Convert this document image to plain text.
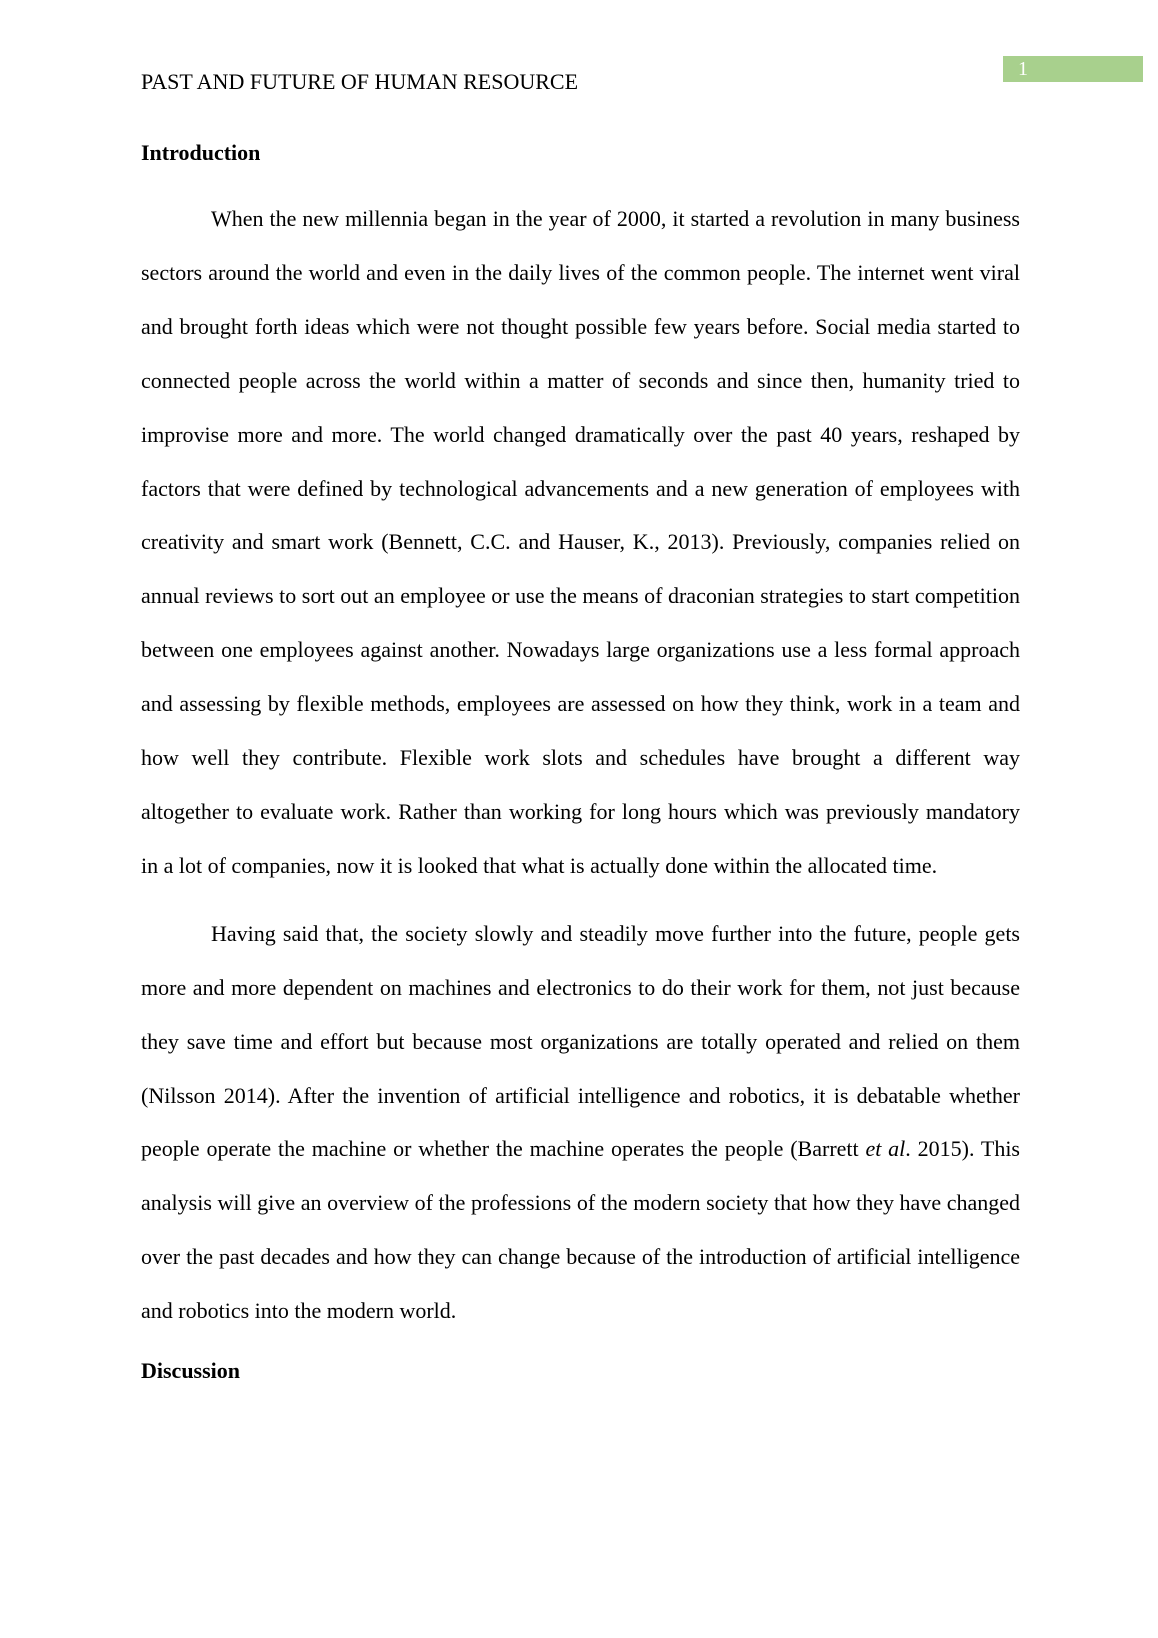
1
PAST AND FUTURE OF HUMAN RESOURCE
Introduction

When the new millennia began in the year of 2000, it started a revolution in many business sectors around the world and even in the daily lives of the common people. The internet went viral and brought forth ideas which were not thought possible few years before. Social media started to connected people across the world within a matter of seconds and since then, humanity tried to improvise more and more. The world changed dramatically over the past 40 years, reshaped by factors that were defined by technological advancements and a new generation of employees with creativity and smart work (Bennett, C.C. and Hauser, K., 2013). Previously, companies relied on annual reviews to sort out an employee or use the means of draconian strategies to start competition between one employees against another. Nowadays large organizations use a less formal approach and assessing by flexible methods, employees are assessed on how they think, work in a team and how well they contribute. Flexible work slots and schedules have brought a different way altogether to evaluate work. Rather than working for long hours which was previously mandatory in a lot of companies, now it is looked that what is actually done within the allocated time.

Having said that, the society slowly and steadily move further into the future, people gets more and more dependent on machines and electronics to do their work for them, not just because they save time and effort but because most organizations are totally operated and relied on them (Nilsson 2014). After the invention of artificial intelligence and robotics, it is debatable whether people operate the machine or whether the machine operates the people (Barrett et al. 2015). This analysis will give an overview of the professions of the modern society that how they have changed over the past decades and how they can change because of the introduction of artificial intelligence and robotics into the modern world.

Discussion
